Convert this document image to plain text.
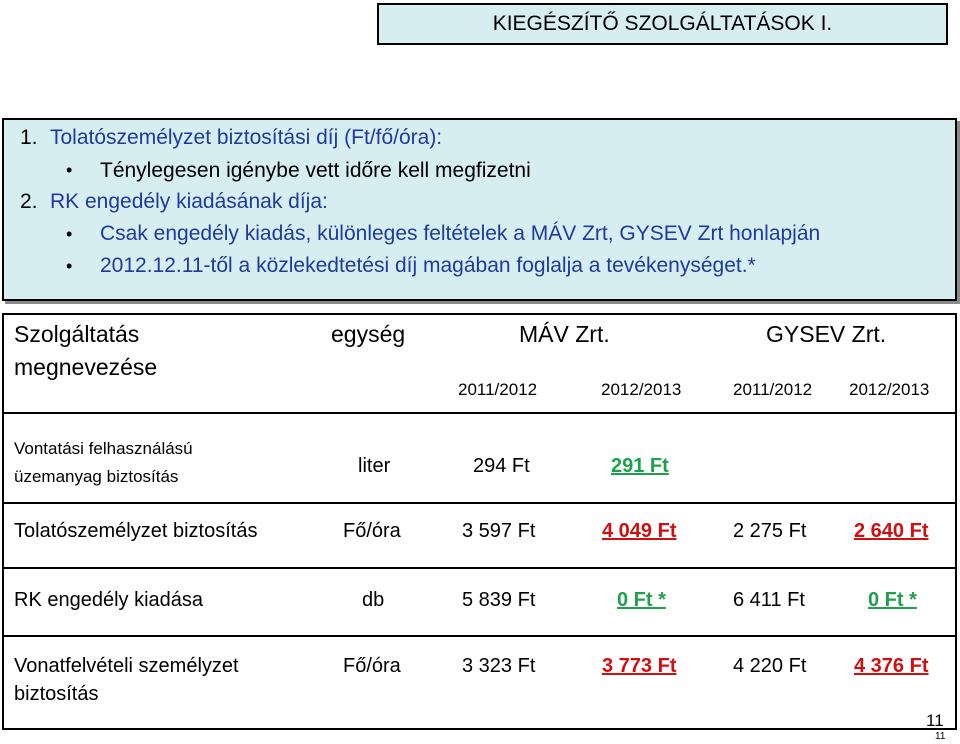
KIEGÉSZÍTŐ SZOLGÁLTATÁSOK I.
1. Tolatószemélyzet biztosítási díj (Ft/fő/óra):
• Ténylegesen igénybe vett időre kell megfizetni
2. RK engedély kiadásának díja:
• Csak engedély kiadás, különleges feltételek a MÁV Zrt, GYSEV Zrt honlapján
• 2012.12.11-től a közlekedtetési díj magában foglalja a tevékenységet.*
Szolgáltatás
megnevezése
egység	MÁV Zrt.	GYSEV Zrt.
2011/2012	2012/2013	2011/2012 2012/2013
Vontatási felhasználású
üzemanyag biztosítás	liter	294 Ft	291 Ft
Tolatószemélyzet biztosítás	Fő/óra	3 597 Ft	4 049 Ft	2 275 Ft 2 640 Ft
RK engedély kiadása	db	5 839 Ft	0 Ft *	6 411 Ft	0 Ft *
Vonatfelvételi személyzet
biztosítás
Fő/óra	3 323 Ft	3 773 Ft	4 220 Ft 4 376 Ft
11
11
